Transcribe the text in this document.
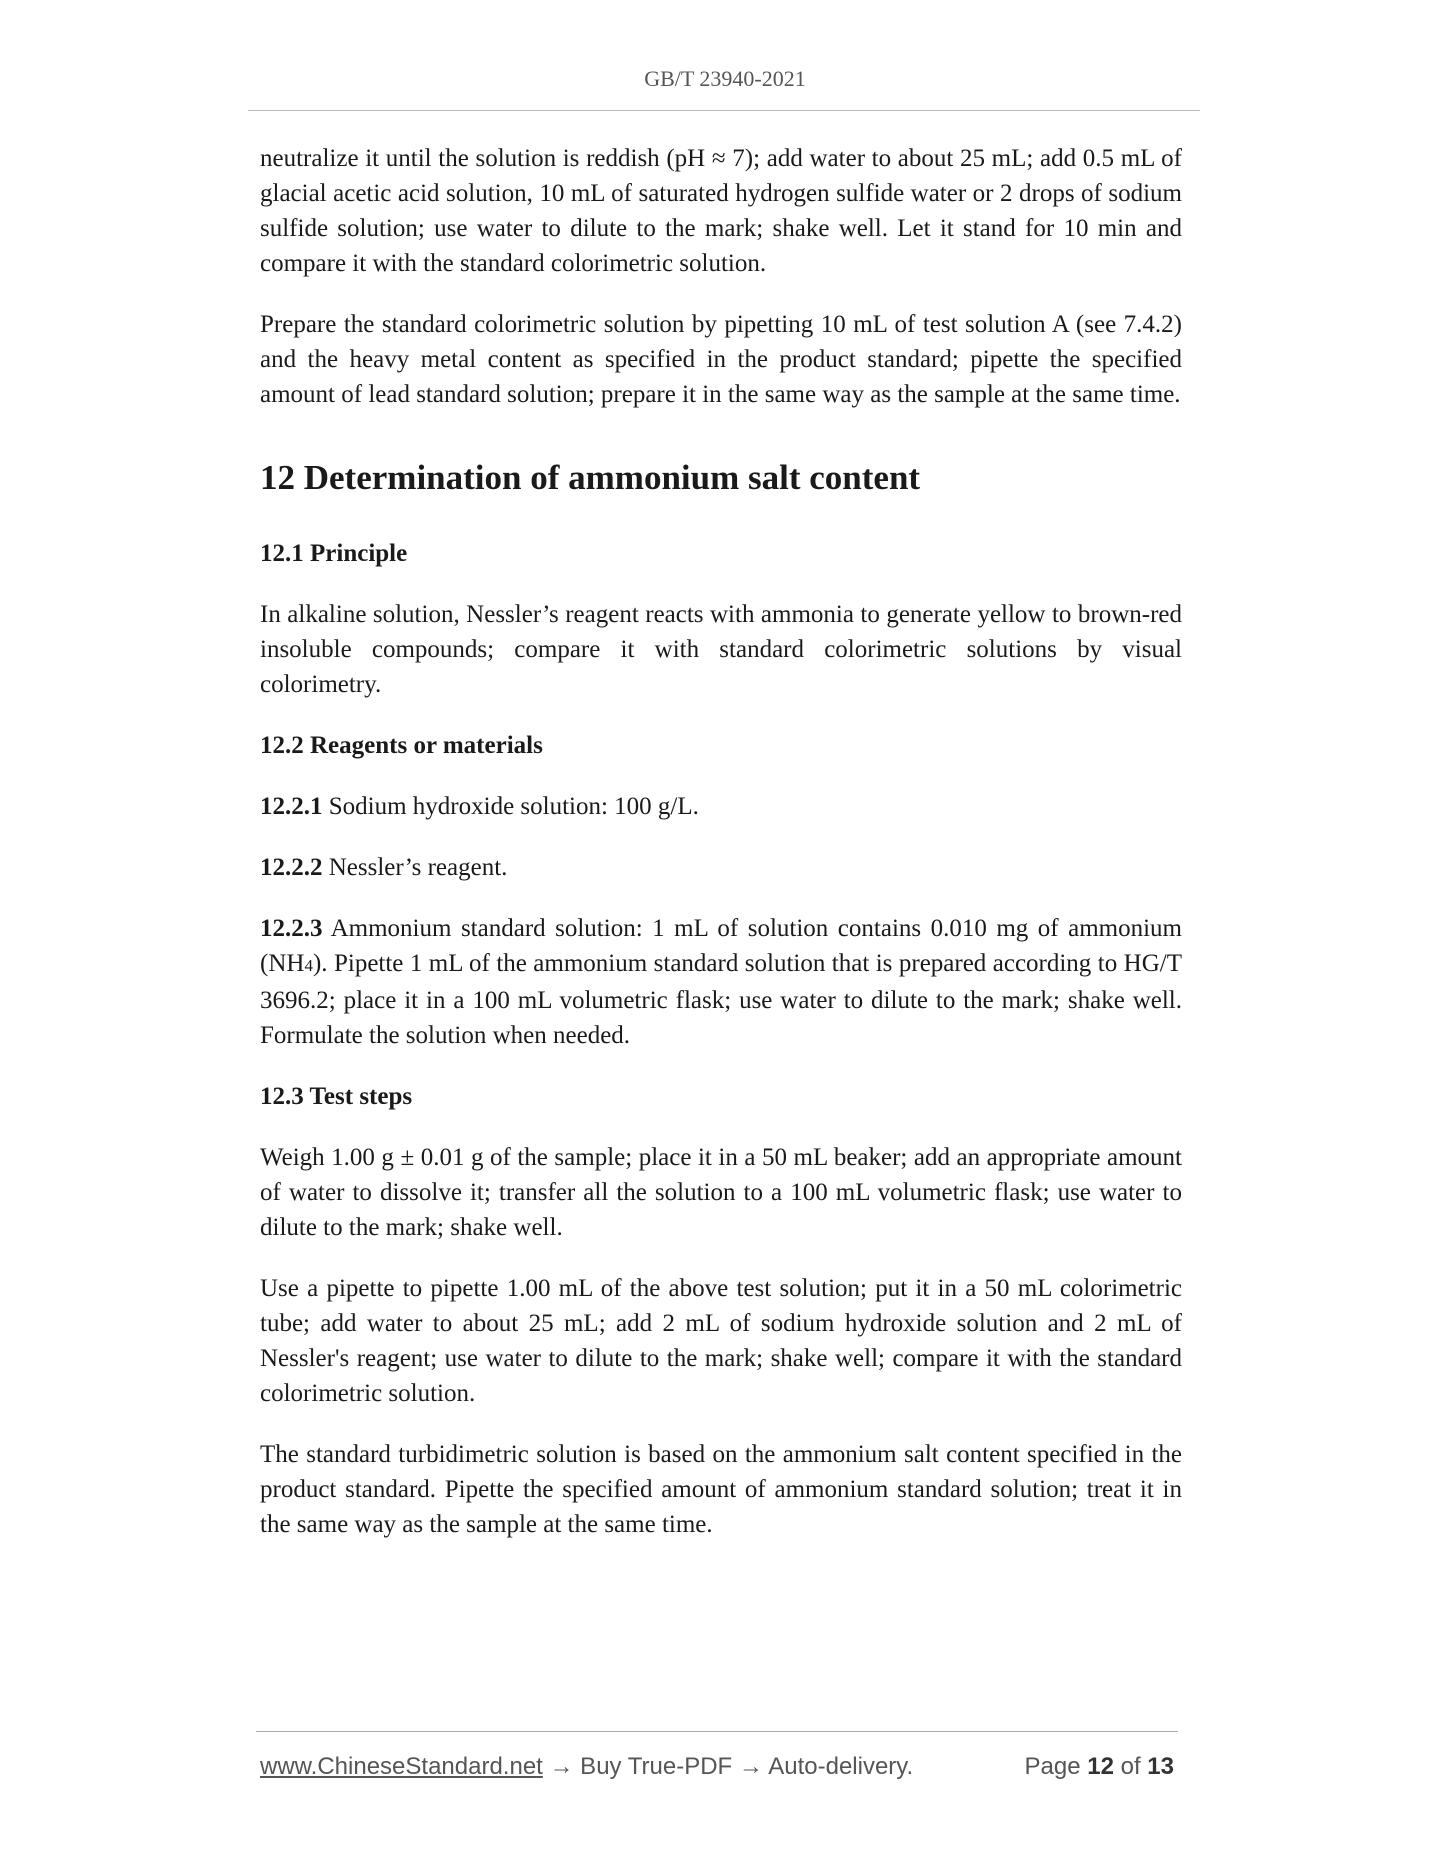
GB/T 23940-2021

neutralize it until the solution is reddish (pH ≈ 7); add water to about 25 mL; add 0.5 mL of glacial acetic acid solution, 10 mL of saturated hydrogen sulfide water or 2 drops of sodium sulfide solution; use water to dilute to the mark; shake well. Let it stand for 10 min and compare it with the standard colorimetric solution.

Prepare the standard colorimetric solution by pipetting 10 mL of test solution A (see 7.4.2) and the heavy metal content as specified in the product standard; pipette the specified amount of lead standard solution; prepare it in the same way as the sample at the same time.

12 Determination of ammonium salt content
12.1 Principle

In alkaline solution, Nessler’s reagent reacts with ammonia to generate yellow to brown-red insoluble compounds; compare it with standard colorimetric solutions by visual colorimetry.

12.2 Reagents or materials

12.2.1 Sodium hydroxide solution: 100 g/L.

12.2.2 Nessler’s reagent.

12.2.3 Ammonium standard solution: 1 mL of solution contains 0.010 mg of ammonium (NH4). Pipette 1 mL of the ammonium standard solution that is prepared according to HG/T 3696.2; place it in a 100 mL volumetric flask; use water to dilute to the mark; shake well. Formulate the solution when needed.

12.3 Test steps

Weigh 1.00 g ± 0.01 g of the sample; place it in a 50 mL beaker; add an appropriate amount of water to dissolve it; transfer all the solution to a 100 mL volumetric flask; use water to dilute to the mark; shake well.

Use a pipette to pipette 1.00 mL of the above test solution; put it in a 50 mL colorimetric tube; add water to about 25 mL; add 2 mL of sodium hydroxide solution and 2 mL of Nessler's reagent; use water to dilute to the mark; shake well; compare it with the standard colorimetric solution.

The standard turbidimetric solution is based on the ammonium salt content specified in the product standard. Pipette the specified amount of ammonium standard solution; treat it in the same way as the sample at the same time.

www.ChineseStandard.net → Buy True-PDF → Auto-delivery.	Page 12 of 13
